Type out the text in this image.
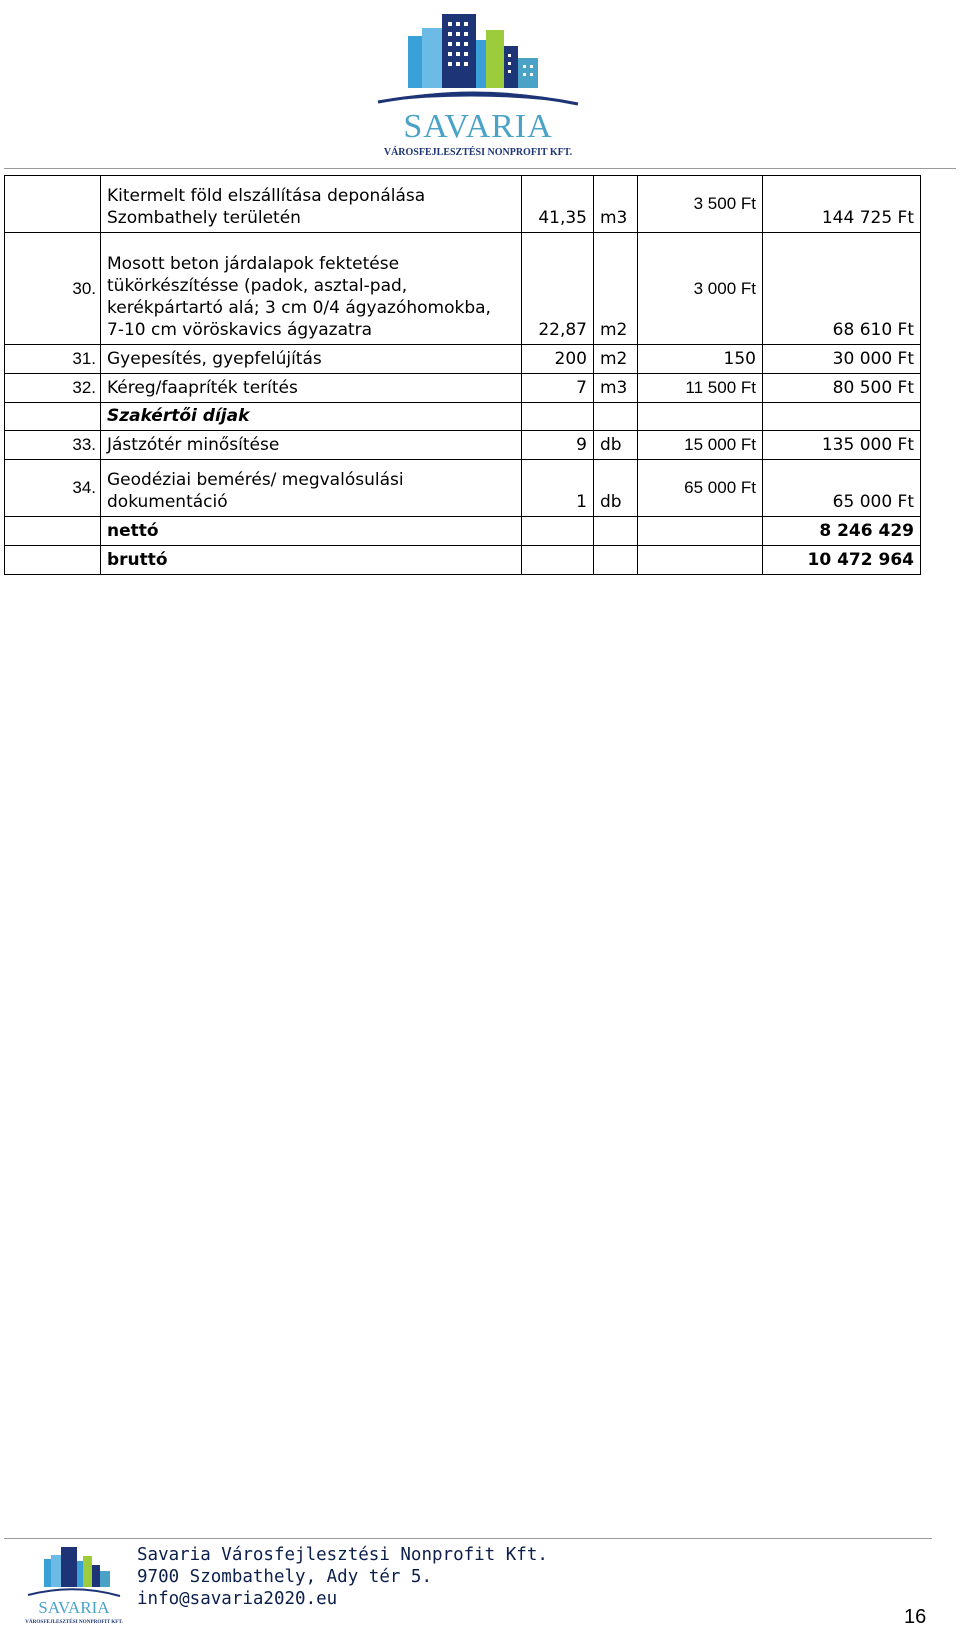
SAVARIA
VÁROSFEJLESZTÉSI NONPROFIT KFT.

	Kitermelt föld elszállítása deponálása
Szombathely területén	41,35	m3	3 500 Ft	144 725 Ft
30.	Mosott beton járdalapok fektetése
tükörkészítésse (padok, asztal-pad,
kerékpártartó alá; 3 cm 0/4 ágyazóhomokba,
7-10 cm vöröskavics ágyazatra	22,87	m2	3 000 Ft	68 610 Ft
31.	Gyepesítés, gyepfelújítás	200	m2	150	30 000 Ft
32.	Kéreg/faapríték terítés	7	m3	11 500 Ft	80 500 Ft
	Szakértői díjak				
33.	Jástzótér minősítése	9	db	15 000 Ft	135 000 Ft
34.	Geodéziai bemérés/ megvalósulási
dokumentáció	1	db	65 000 Ft	65 000 Ft
	nettó				8 246 429
	bruttó				10 472 964
SAVARIA
VÁROSFEJLESZTÉSI NONPROFIT KFT.
Savaria Városfejlesztési Nonprofit Kft.
9700 Szombathely, Ady tér 5.
info@savaria2020.eu
16
